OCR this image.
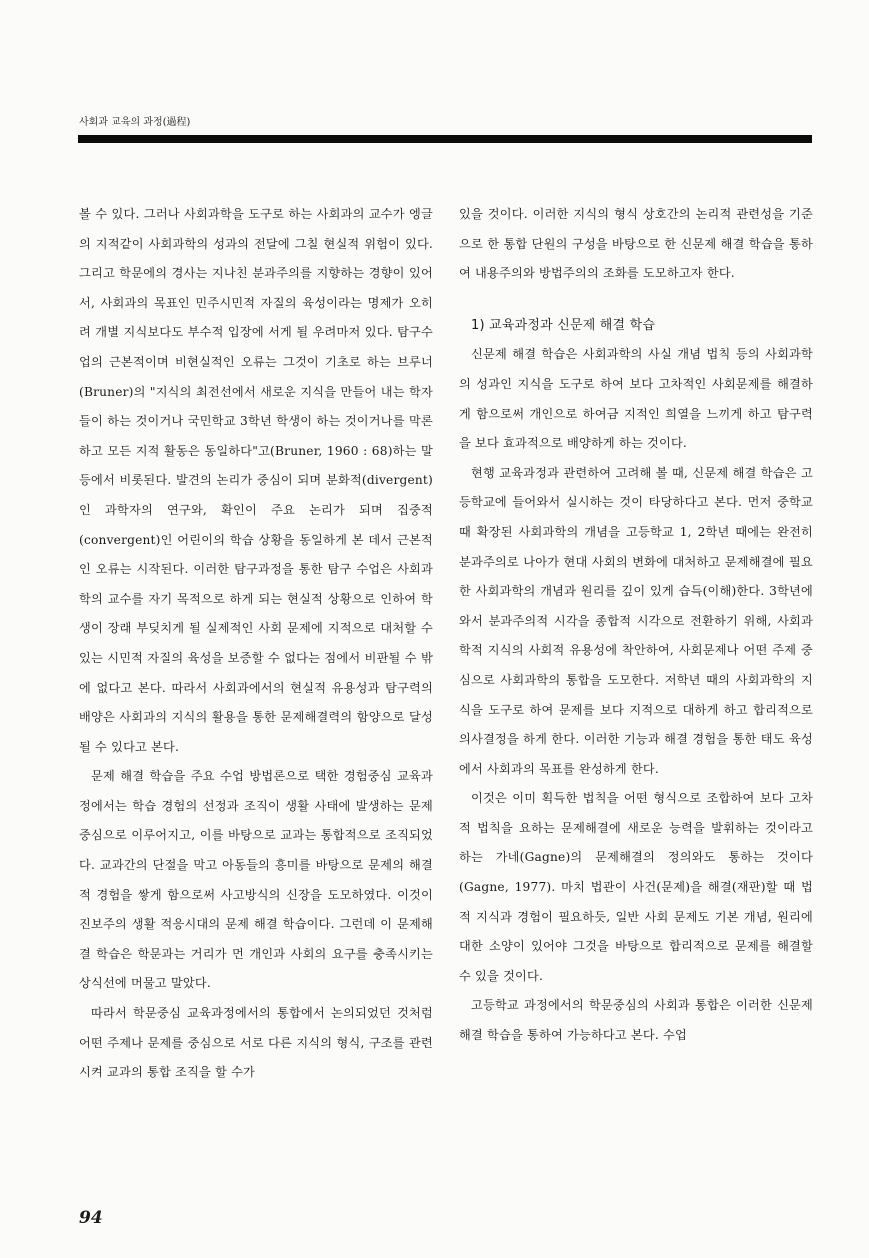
사회과 교육의 과정(過程)

볼 수 있다. 그러나 사회과학을 도구로 하는 사회과의 교수가 엥글의 지적같이 사회과학의 성과의 전달에 그칠 현실적 위험이 있다. 그리고 학문에의 경사는 지나친 분과주의를 지향하는 경향이 있어서, 사회과의 목표인 민주시민적 자질의 육성이라는 명제가 오히려 개별 지식보다도 부수적 입장에 서게 될 우려마저 있다. 탐구수업의 근본적이며 비현실적인 오류는 그것이 기초로 하는 브루너(Bruner)의 "지식의 최전선에서 새로운 지식을 만들어 내는 학자들이 하는 것이거나 국민학교 3학년 학생이 하는 것이거나를 막론하고 모든 지적 활동은 동일하다"고(Bruner, 1960 : 68)하는 말 등에서 비롯된다. 발견의 논리가 중심이 되며 분화적(divergent)인 과학자의 연구와, 확인이 주요 논리가 되며 집중적(convergent)인 어린이의 학습 상황을 동일하게 본 데서 근본적인 오류는 시작된다. 이러한 탐구과정을 통한 탐구 수업은 사회과학의 교수를 자기 목적으로 하게 되는 현실적 상황으로 인하여 학생이 장래 부딪치게 될 실제적인 사회 문제에 지적으로 대처할 수 있는 시민적 자질의 육성을 보증할 수 없다는 점에서 비판될 수 밖에 없다고 본다. 따라서 사회과에서의 현실적 유용성과 탐구력의 배양은 사회과의 지식의 활용을 통한 문제해결력의 함양으로 달성될 수 있다고 본다.

문제 해결 학습을 주요 수업 방법론으로 택한 경험중심 교육과정에서는 학습 경험의 선정과 조직이 생활 사태에 발생하는 문제 중심으로 이루어지고, 이를 바탕으로 교과는 통합적으로 조직되었다. 교과간의 단절을 막고 아동들의 흥미를 바탕으로 문제의 해결적 경험을 쌓게 함으로써 사고방식의 신장을 도모하였다. 이것이 진보주의 생활 적응시대의 문제 해결 학습이다. 그런데 이 문제해결 학습은 학문과는 거리가 먼 개인과 사회의 요구를 충족시키는 상식선에 머물고 말았다.

따라서 학문중심 교육과정에서의 통합에서 논의되었던 것처럼 어떤 주제나 문제를 중심으로 서로 다른 지식의 형식, 구조를 관련시켜 교과의 통합 조직을 할 수가

있을 것이다. 이러한 지식의 형식 상호간의 논리적 관련성을 기준으로 한 통합 단원의 구성을 바탕으로 한 신문제 해결 학습을 통하여 내용주의와 방법주의의 조화를 도모하고자 한다.

1) 교육과정과 신문제 해결 학습

신문제 해결 학습은 사회과학의 사실 개념 법칙 등의 사회과학의 성과인 지식을 도구로 하여 보다 고차적인 사회문제를 해결하게 함으로써 개인으로 하여금 지적인 희열을 느끼게 하고 탐구력을 보다 효과적으로 배양하게 하는 것이다.

현행 교육과정과 관련하여 고려해 볼 때, 신문제 해결 학습은 고등학교에 들어와서 실시하는 것이 타당하다고 본다. 먼저 중학교 때 확장된 사회과학의 개념을 고등학교 1, 2학년 때에는 완전히 분과주의로 나아가 현대 사회의 변화에 대처하고 문제해결에 필요한 사회과학의 개념과 원리를 깊이 있게 습득(이해)한다. 3학년에 와서 분과주의적 시각을 종합적 시각으로 전환하기 위해, 사회과학적 지식의 사회적 유용성에 착안하여, 사회문제나 어떤 주제 중심으로 사회과학의 통합을 도모한다. 저학년 때의 사회과학의 지식을 도구로 하여 문제를 보다 지적으로 대하게 하고 합리적으로 의사결정을 하게 한다. 이러한 기능과 해결 경험을 통한 태도 육성에서 사회과의 목표를 완성하게 한다.

이것은 이미 획득한 법칙을 어떤 형식으로 조합하여 보다 고차적 법칙을 요하는 문제해결에 새로운 능력을 발휘하는 것이라고 하는 가네(Gagne)의 문제해결의 정의와도 통하는 것이다(Gagne, 1977). 마치 법관이 사건(문제)을 해결(재판)할 때 법적 지식과 경험이 필요하듯, 일반 사회 문제도 기본 개념, 원리에 대한 소양이 있어야 그것을 바탕으로 합리적으로 문제를 해결할 수 있을 것이다.

고등학교 과정에서의 학문중심의 사회과 통합은 이러한 신문제 해결 학습을 통하여 가능하다고 본다. 수업

94
